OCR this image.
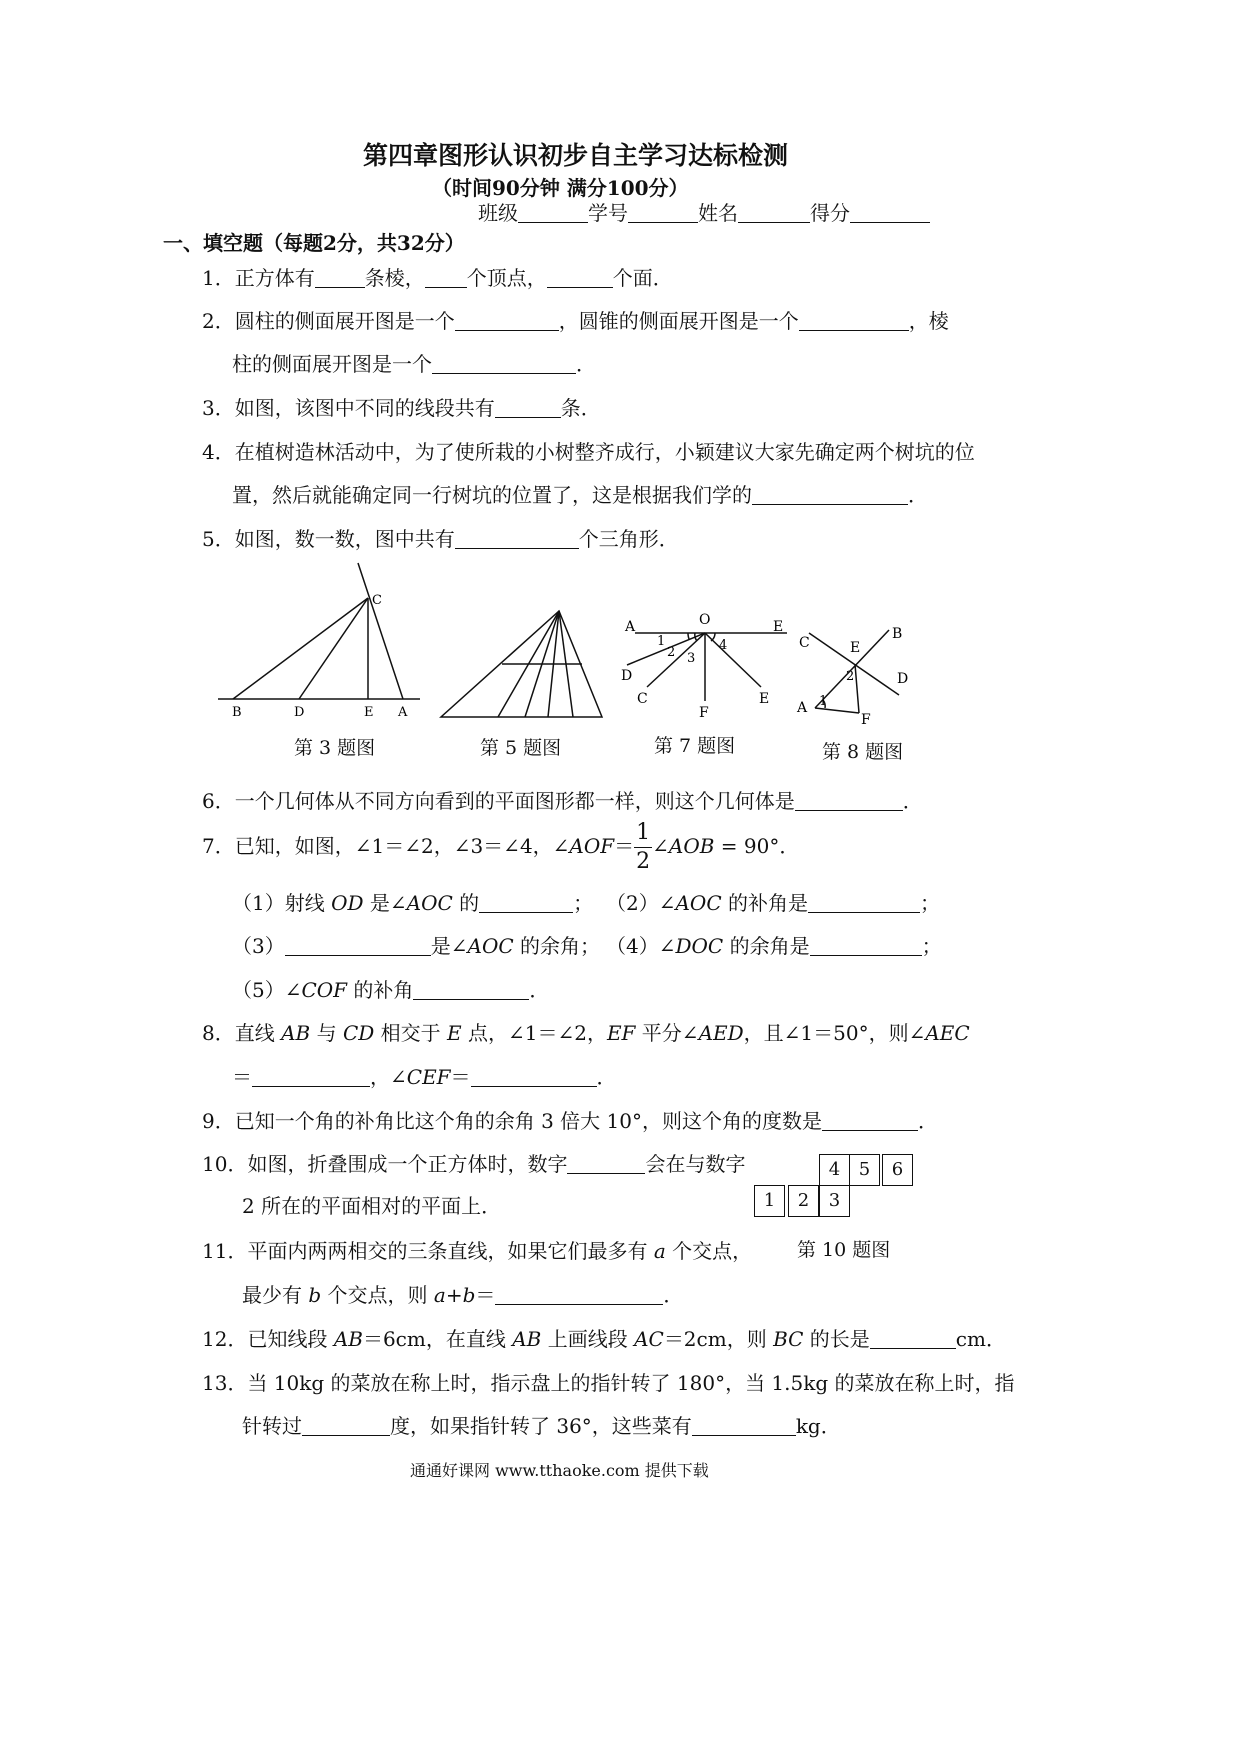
第四章图形认识初步自主学习达标检测
（时间90分钟 满分100分）
班级	学号	姓名	得分
一、填空题（每题2分，共32分）
1．正方体有	条棱， 个顶点，	个面．
2．圆柱的侧面展开图是一个	，圆锥的侧面展开图是一个	，棱
柱的侧面展开图是一个	．
3．如图，该图中不同的线段共有	条．
4．在植树造林活动中，为了使所栽的小树整齐成行，小颖建议大家先确定两个树坑的位
置，然后就能确定同一行树坑的位置了，这是根据我们学的	．
5．如图，数一数，图中共有	个三角形．
C
B	D	E A
第 3 题图	第 5 题图
A	O	E
1
2 3
4
D
C
F
E
第 7 题图
C
B
E
2	D
A 1
F
第 8 题图
6．一个几何体从不同方向看到的平面图形都一样，则这个几何体是	．
7．已知，如图，∠1＝∠2，∠3＝∠4，∠AOF＝ $\frac{1}{2}$ ∠AOB = 90°．
（1）射线 OD 是∠AOC 的	； （2）∠AOC 的补角是	；
（3）	是∠AOC 的余角； （4）∠DOC 的余角是	；
（5）∠COF 的补角	．
8．直线 AB 与 CD 相交于 E 点，∠1＝∠2，EF 平分∠AED，且∠1＝50°，则∠AEC
＝	，∠CEF＝	．
9．已知一个角的补角比这个角的余角 3 倍大 10°，则这个角的度数是	．
10．如图，折叠围成一个正方体时，数字	会在与数字
2 所在的平面相对的平面上．
4	5	6
1	2	3
第 10 题图
11．平面内两两相交的三条直线，如果它们最多有 a 个交点，
最少有 b 个交点，则 a+b＝	．
12．已知线段 AB＝6cm，在直线 AB 上画线段 AC＝2cm，则 BC 的长是	cm．
13．当 10kg 的菜放在称上时，指示盘上的指针转了 180°，当 1.5kg 的菜放在称上时，指
针转过	度，如果指针转了 36°，这些菜有	kg．
通通好课网 www.tthaoke.com 提供下载
